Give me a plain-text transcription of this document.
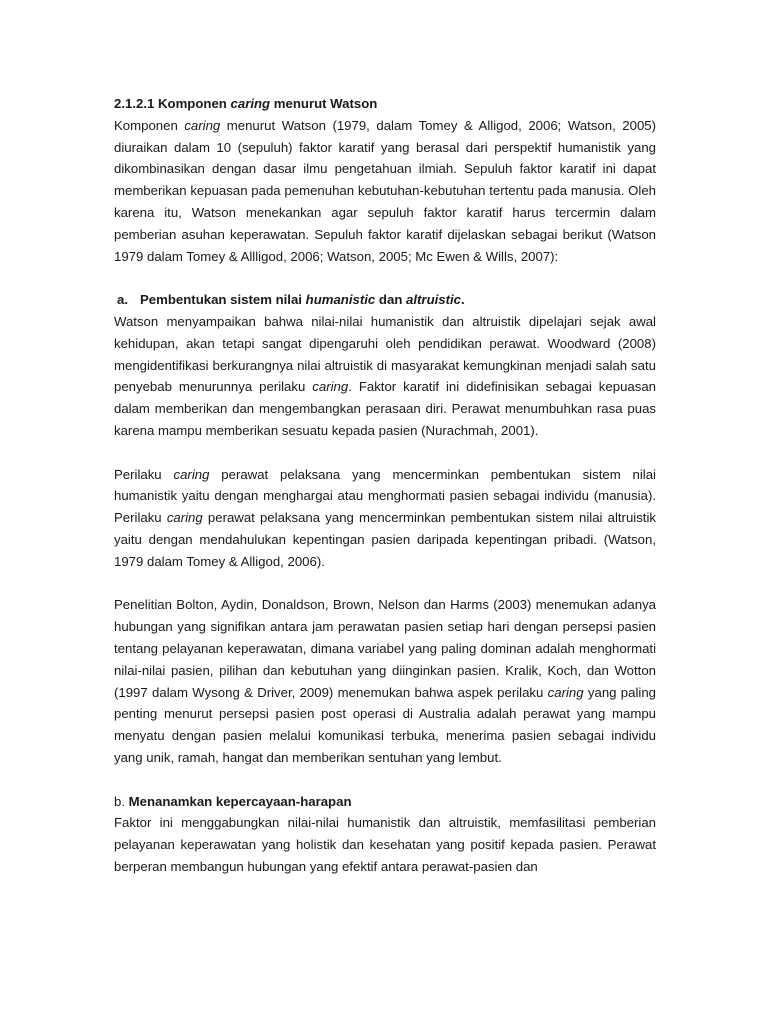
2.1.2.1 Komponen caring menurut Watson

Komponen caring menurut Watson (1979, dalam Tomey & Alligod, 2006; Watson, 2005) diuraikan dalam 10 (sepuluh) faktor karatif yang berasal dari perspektif humanistik yang dikombinasikan dengan dasar ilmu pengetahuan ilmiah. Sepuluh faktor karatif ini dapat memberikan kepuasan pada pemenuhan kebutuhan-kebutuhan tertentu pada manusia. Oleh karena itu, Watson menekankan agar sepuluh faktor karatif harus tercermin dalam pemberian asuhan keperawatan. Sepuluh faktor karatif dijelaskan sebagai berikut (Watson 1979 dalam Tomey & Allligod, 2006; Watson, 2005; Mc Ewen & Wills, 2007):

a. Pembentukan sistem nilai humanistic dan altruistic.

Watson menyampaikan bahwa nilai-nilai humanistik dan altruistik dipelajari sejak awal kehidupan, akan tetapi sangat dipengaruhi oleh pendidikan perawat. Woodward (2008) mengidentifikasi berkurangnya nilai altruistik di masyarakat kemungkinan menjadi salah satu penyebab menurunnya perilaku caring. Faktor karatif ini didefinisikan sebagai kepuasan dalam memberikan dan mengembangkan perasaan diri. Perawat menumbuhkan rasa puas karena mampu memberikan sesuatu kepada pasien (Nurachmah, 2001).

Perilaku caring perawat pelaksana yang mencerminkan pembentukan sistem nilai humanistik yaitu dengan menghargai atau menghormati pasien sebagai individu (manusia). Perilaku caring perawat pelaksana yang mencerminkan pembentukan sistem nilai altruistik yaitu dengan mendahulukan kepentingan pasien daripada kepentingan pribadi. (Watson, 1979 dalam Tomey & Alligod, 2006).

Penelitian Bolton, Aydin, Donaldson, Brown, Nelson dan Harms (2003) menemukan adanya hubungan yang signifikan antara jam perawatan pasien setiap hari dengan persepsi pasien tentang pelayanan keperawatan, dimana variabel yang paling dominan adalah menghormati nilai-nilai pasien, pilihan dan kebutuhan yang diinginkan pasien. Kralik, Koch, dan Wotton (1997 dalam Wysong & Driver, 2009) menemukan bahwa aspek perilaku caring yang paling penting menurut persepsi pasien post operasi di Australia adalah perawat yang mampu menyatu dengan pasien melalui komunikasi terbuka, menerima pasien sebagai individu yang unik, ramah, hangat dan memberikan sentuhan yang lembut.

b. Menanamkan kepercayaan-harapan

Faktor ini menggabungkan nilai-nilai humanistik dan altruistik, memfasilitasi pemberian pelayanan keperawatan yang holistik dan kesehatan yang positif kepada pasien. Perawat berperan membangun hubungan yang efektif antara perawat-pasien dan
